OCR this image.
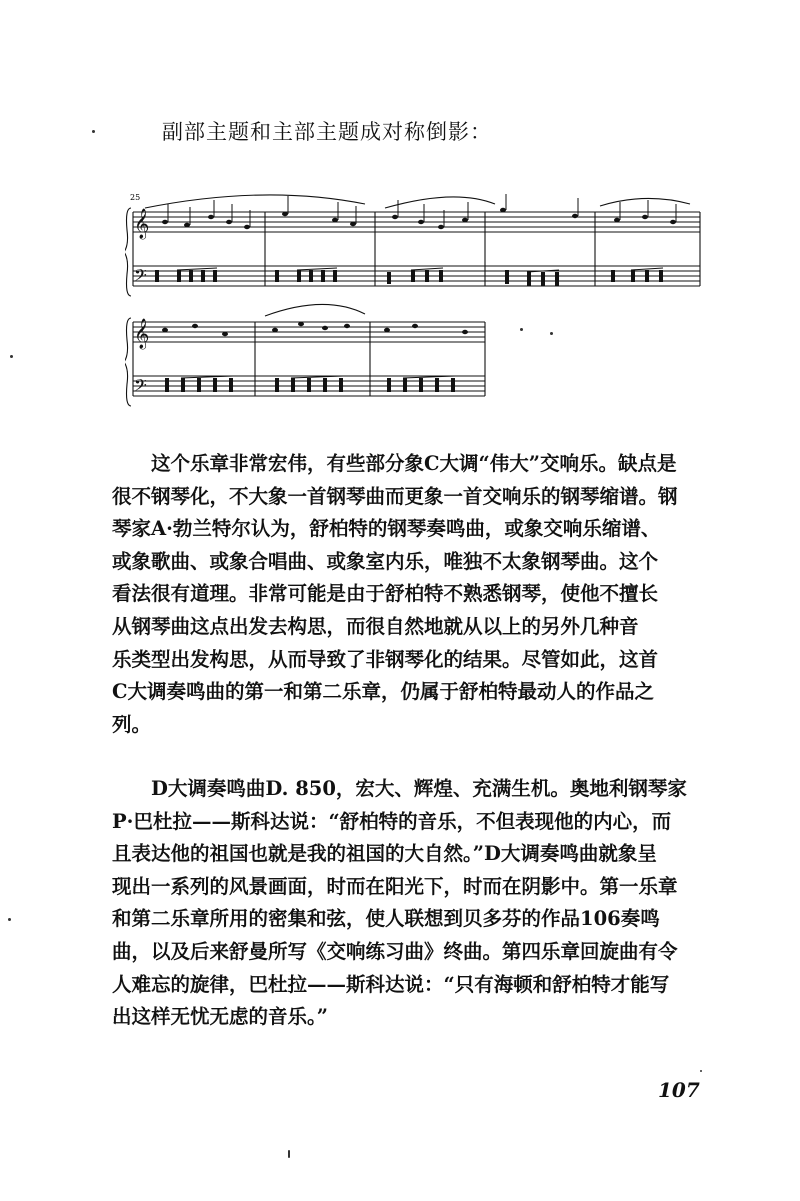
副部主题和主部主题成对称倒影：
25
𝄞
𝄢
𝄞
𝄢
这个乐章非常宏伟，有些部分象C大调“伟大”交响乐。缺点是
很不钢琴化，不大象一首钢琴曲而更象一首交响乐的钢琴缩谱。钢
琴家A·勃兰特尔认为，舒柏特的钢琴奏鸣曲，或象交响乐缩谱、
或象歌曲、或象合唱曲、或象室内乐，唯独不太象钢琴曲。这个
看法很有道理。非常可能是由于舒柏特不熟悉钢琴，使他不擅长
从钢琴曲这点出发去构思，而很自然地就从以上的另外几种音
乐类型出发构思，从而导致了非钢琴化的结果。尽管如此，这首
C大调奏鸣曲的第一和第二乐章，仍属于舒柏特最动人的作品之
列。
D大调奏鸣曲D. 850，宏大、辉煌、充满生机。奥地利钢琴家
P·巴杜拉——斯科达说：“舒柏特的音乐，不但表现他的内心，而
且表达他的祖国也就是我的祖国的大自然。”D大调奏鸣曲就象呈
现出一系列的风景画面，时而在阳光下，时而在阴影中。第一乐章
和第二乐章所用的密集和弦，使人联想到贝多芬的作品106奏鸣
曲，以及后来舒曼所写《交响练习曲》终曲。第四乐章回旋曲有令
人难忘的旋律，巴杜拉——斯科达说：“只有海顿和舒柏特才能写
出这样无忧无虑的音乐。”
107
